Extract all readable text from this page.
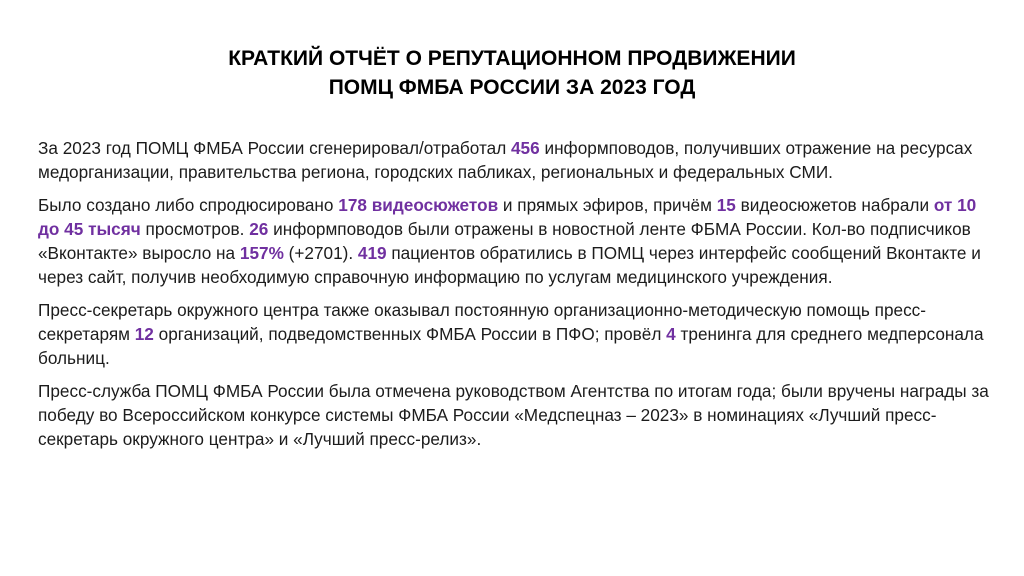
КРАТКИЙ ОТЧЁТ О РЕПУТАЦИОННОМ ПРОДВИЖЕНИИ
ПОМЦ ФМБА РОССИИ ЗА 2023 ГОД

За 2023 год ПОМЦ ФМБА России сгенерировал/отработал 456 информповодов, получивших отражение на ресурсах медорганизации, правительства региона, городских пабликах, региональных и федеральных СМИ.

Было создано либо спродюсировано 178 видеосюжетов и прямых эфиров, причём 15 видеосюжетов набрали от 10 до 45 тысяч просмотров. 26 информповодов были отражены в новостной ленте ФБМА России. Кол-во подписчиков «Вконтакте» выросло на 157% (+2701). 419 пациентов обратились в ПОМЦ через интерфейс сообщений Вконтакте и через сайт, получив необходимую справочную информацию по услугам медицинского учреждения.

Пресс-секретарь окружного центра также оказывал постоянную организационно-методическую помощь пресс-секретарям 12 организаций, подведомственных ФМБА России в ПФО; провёл 4 тренинга для среднего медперсонала больниц.

Пресс-служба ПОМЦ ФМБА России была отмечена руководством Агентства по итогам года; были вручены награды за победу во Всероссийском конкурсе системы ФМБА России «Медспецназ – 2023» в номинациях «Лучший пресс-секретарь окружного центра» и «Лучший пресс-релиз».
